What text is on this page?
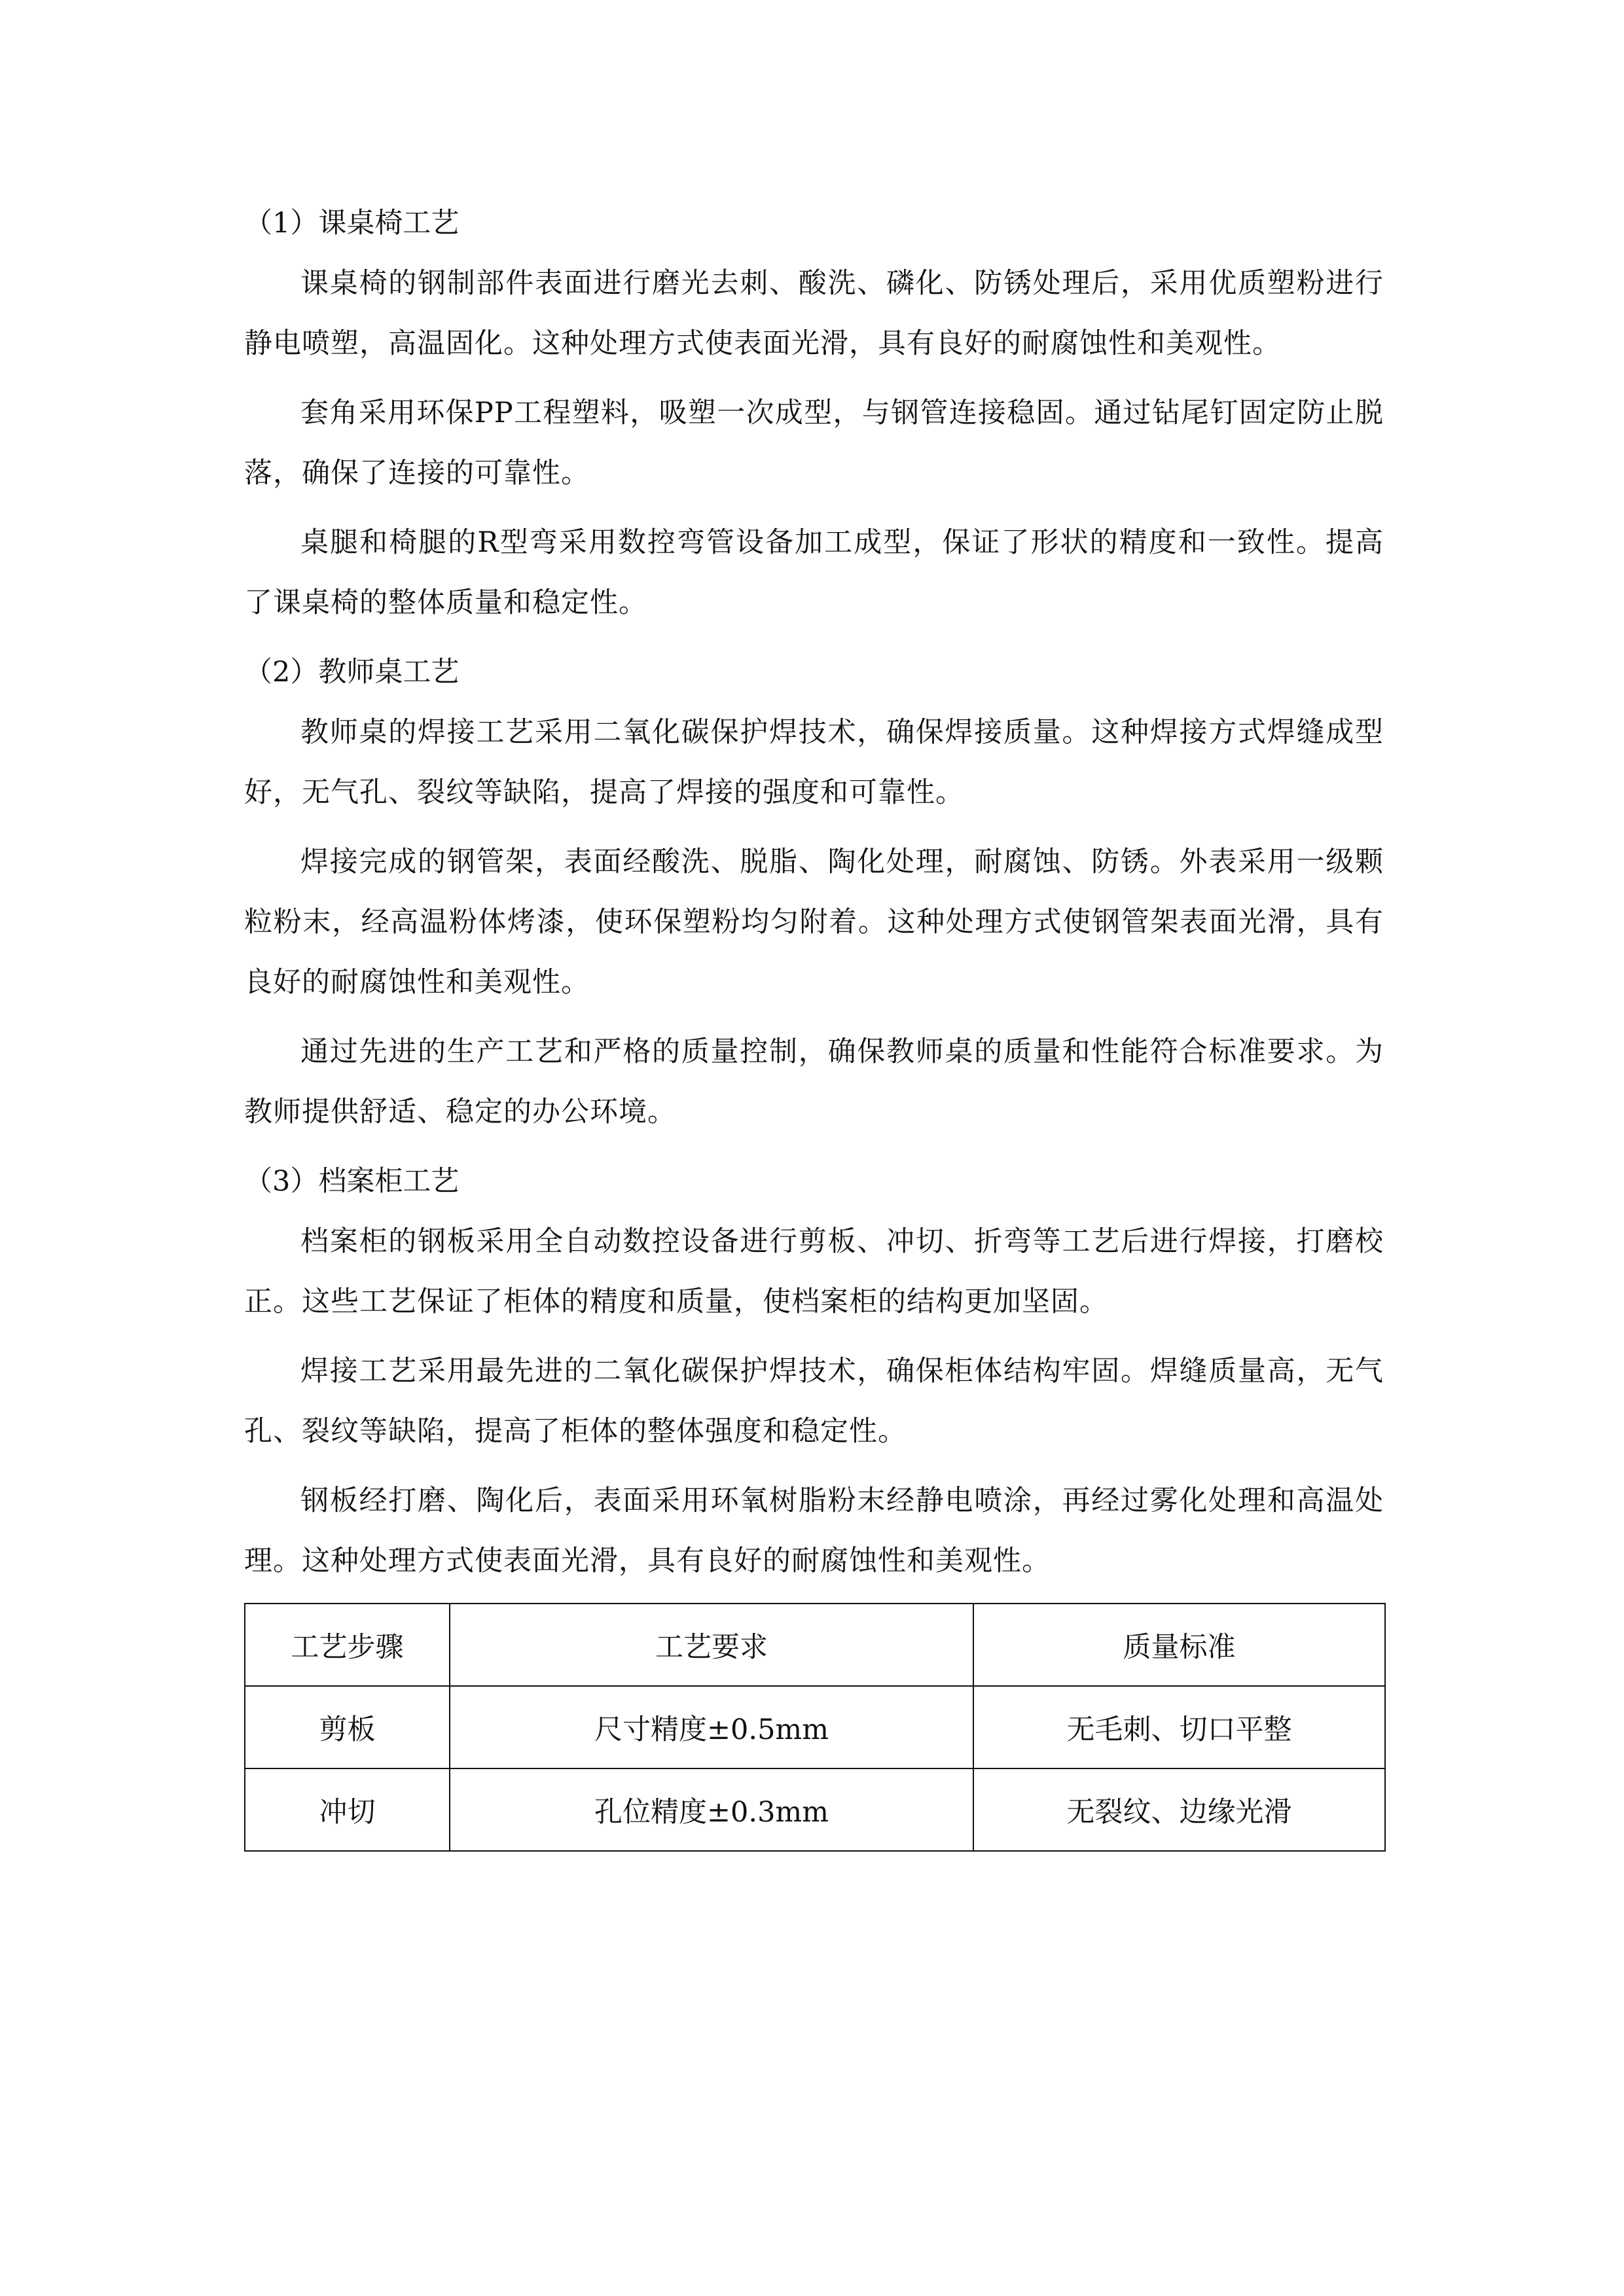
（1）课桌椅工艺

课桌椅的钢制部件表面进行磨光去刺、酸洗、磷化、防锈处理后，采用优质塑粉进行静电喷塑，高温固化。这种处理方式使表面光滑，具有良好的耐腐蚀性和美观性。

套角采用环保PP工程塑料，吸塑一次成型，与钢管连接稳固。通过钻尾钉固定防止脱落，确保了连接的可靠性。

桌腿和椅腿的R型弯采用数控弯管设备加工成型，保证了形状的精度和一致性。提高了课桌椅的整体质量和稳定性。

（2）教师桌工艺

教师桌的焊接工艺采用二氧化碳保护焊技术，确保焊接质量。这种焊接方式焊缝成型好，无气孔、裂纹等缺陷，提高了焊接的强度和可靠性。

焊接完成的钢管架，表面经酸洗、脱脂、陶化处理，耐腐蚀、防锈。外表采用一级颗粒粉末，经高温粉体烤漆，使环保塑粉均匀附着。这种处理方式使钢管架表面光滑，具有良好的耐腐蚀性和美观性。

通过先进的生产工艺和严格的质量控制，确保教师桌的质量和性能符合标准要求。为教师提供舒适、稳定的办公环境。

（3）档案柜工艺

档案柜的钢板采用全自动数控设备进行剪板、冲切、折弯等工艺后进行焊接，打磨校正。这些工艺保证了柜体的精度和质量，使档案柜的结构更加坚固。

焊接工艺采用最先进的二氧化碳保护焊技术，确保柜体结构牢固。焊缝质量高，无气孔、裂纹等缺陷，提高了柜体的整体强度和稳定性。

钢板经打磨、陶化后，表面采用环氧树脂粉末经静电喷涂，再经过雾化处理和高温处理。这种处理方式使表面光滑，具有良好的耐腐蚀性和美观性。

工艺步骤	工艺要求	质量标准
剪板	尺寸精度±0.5mm	无毛刺、切口平整
冲切	孔位精度±0.3mm	无裂纹、边缘光滑
